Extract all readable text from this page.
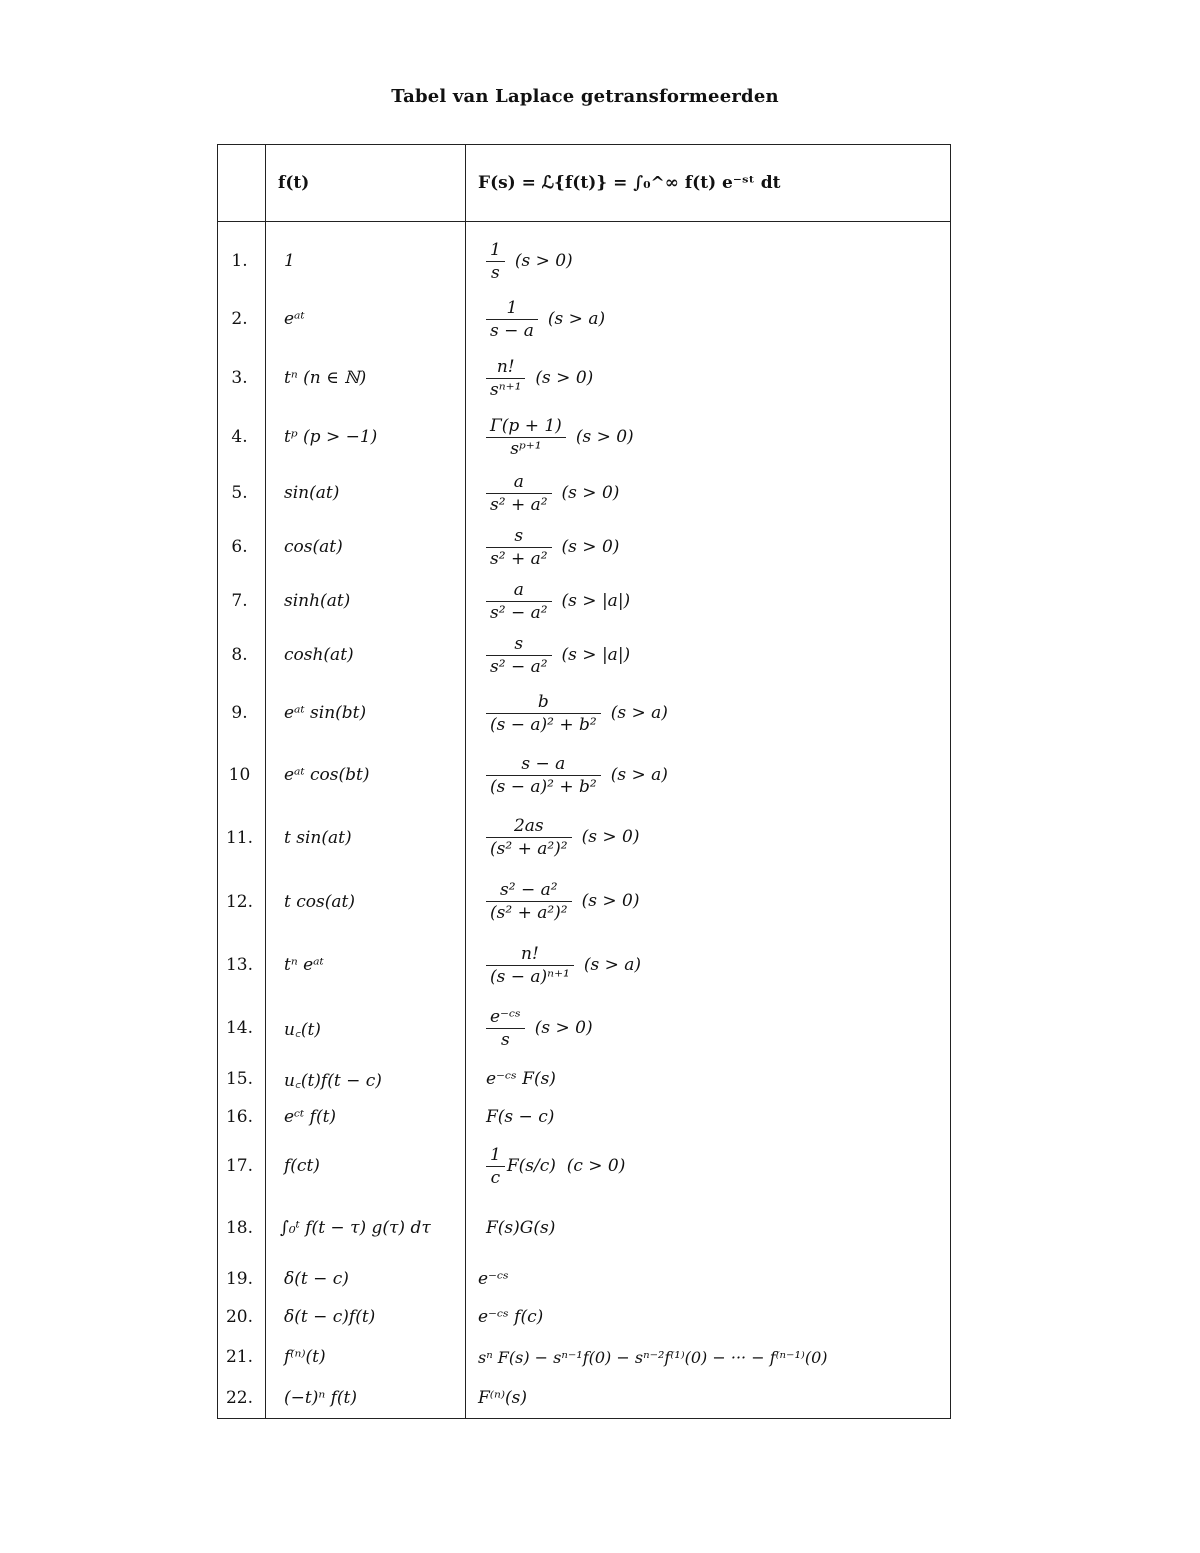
Tabel van Laplace getransformeerden
	f(t)	F(s) = ℒ{f(t)} = ∫₀^∞ f(t) e⁻ˢᵗ dt

1.	1	$\frac{1}{s} (s > 0)$
2.	eᵃᵗ	$\frac{1}{s - a} (s > a)$
3.	tⁿ (n ∈ ℕ)	$\frac{n!}{\text{sⁿ⁺¹}} (s > 0)$
4.	tᵖ (p > −1)	$\frac{\Gamma(p + 1)}{\text{sᵖ⁺¹}} (s > 0)$
5.	sin(at)	$\frac{a}{\text{s² + a²}} (s > 0)$
6.	cos(at)	$\frac{s}{\text{s² + a²}} (s > 0)$
7.	sinh(at)	$\frac{a}{\text{s² − a²}} (s > |a|)$
8.	cosh(at)	$\frac{s}{\text{s² − a²}} (s > |a|)$
9.	eᵃᵗ sin(bt)	$\frac{b}{\text{(s − a)² + b²}} (s > a)$
10	eᵃᵗ cos(bt)	$\frac{s - a}{\text{(s − a)² + b²}} (s > a)$
11.	t sin(at)	$\frac{2as}{\text{(s² + a²)²}} (s > 0)$
12.	t cos(at)	$\frac{\text{s² − a²}}{\text{(s² + a²)²}} (s > 0)$
13.	tⁿ eᵃᵗ	$\frac{n!}{\text{(s − a)ⁿ⁺¹}} (s > a)$
14.	u꜀(t)	$\frac{\text{e⁻ᶜˢ}}{s} (s > 0)$
15.	u꜀(t)f(t − c)	e⁻ᶜˢ F(s)
16.	eᶜᵗ f(t)	F(s − c)
17.	f(ct)	$\frac{1}{c} F(s/c) (c > 0)$
18.	∫₀ᵗ f(t − τ) g(τ) dτ	F(s)G(s)
19.	δ(t − c)	e⁻ᶜˢ
20.	δ(t − c)f(t)	e⁻ᶜˢ f(c)
21.	f⁽ⁿ⁾(t)	sⁿ F(s) − sⁿ⁻¹f(0) − sⁿ⁻²f⁽¹⁾(0) − ··· − f⁽ⁿ⁻¹⁾(0)
22.	(−t)ⁿ f(t)	F⁽ⁿ⁾(s)
